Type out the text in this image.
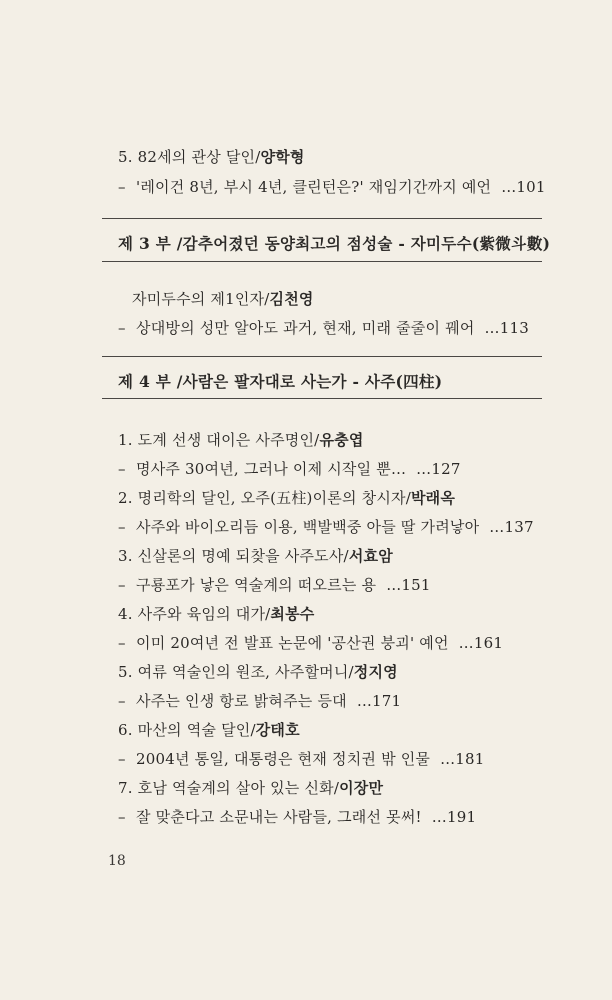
5. 82세의 관상 달인/양학형
– '레이건 8년, 부시 4년, 클린턴은?' 재임기간까지 예언 …101
제 3 부 /감추어졌던 동양최고의 점성술 - 자미두수(紫微斗數)
자미두수의 제1인자/김천영
– 상대방의 성만 알아도 과거, 현재, 미래 줄줄이 꿰어 …113
제 4 부 /사람은 팔자대로 사는가 - 사주(四柱)
1. 도계 선생 대이은 사주명인/유충엽
– 명사주 30여년, 그러나 이제 시작일 뿐… …127
2. 명리학의 달인, 오주(五柱)이론의 창시자/박래옥
– 사주와 바이오리듬 이용, 백발백중 아들 딸 가려낳아 …137
3. 신살론의 명예 되찾을 사주도사/서효암
– 구룡포가 낳은 역술계의 떠오르는 용 …151
4. 사주와 육임의 대가/최봉수
– 이미 20여년 전 발표 논문에 '공산권 붕괴' 예언 …161
5. 여류 역술인의 원조, 사주할머니/정지영
– 사주는 인생 항로 밝혀주는 등대 …171
6. 마산의 역술 달인/강태호
– 2004년 통일, 대통령은 현재 정치권 밖 인물 …181
7. 호남 역술계의 살아 있는 신화/이장만
– 잘 맞춘다고 소문내는 사람들, 그래선 못써! …191
18
